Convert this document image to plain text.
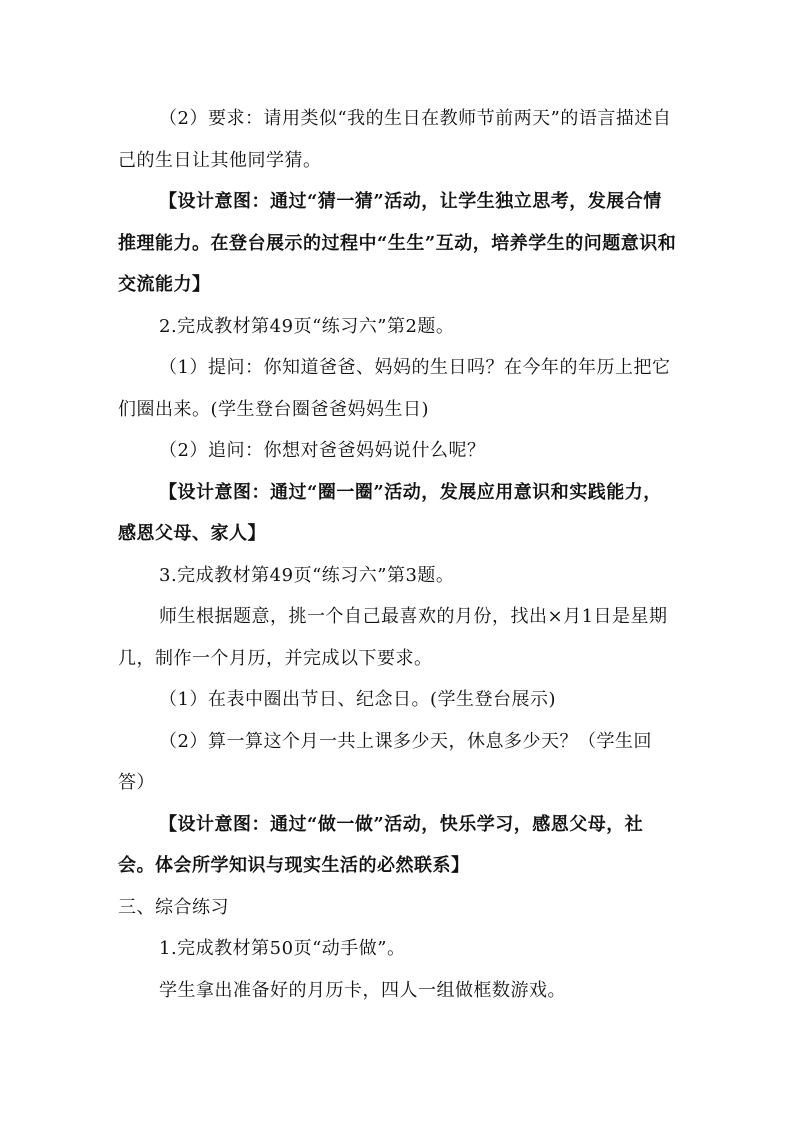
（2）要求：请用类似“我的生日在教师节前两天”的语言描述自己的生日让其他同学猜。

【设计意图：通过“猜一猜”活动，让学生独立思考，发展合情推理能力。在登台展示的过程中“生生”互动，培养学生的问题意识和交流能力】

2.完成教材第49页“练习六”第2题。

（1）提问：你知道爸爸、妈妈的生日吗？在今年的年历上把它们圈出来。(学生登台圈爸爸妈妈生日)

（2）追问：你想对爸爸妈妈说什么呢？

【设计意图：通过“圈一圈”活动，发展应用意识和实践能力，感恩父母、家人】

3.完成教材第49页“练习六”第3题。

师生根据题意，挑一个自己最喜欢的月份，找出×月1日是星期几，制作一个月历，并完成以下要求。

（1）在表中圈出节日、纪念日。(学生登台展示)

（2）算一算这个月一共上课多少天，休息多少天？（学生回答）

【设计意图：通过“做一做”活动，快乐学习，感恩父母，社会。体会所学知识与现实生活的必然联系】

三、综合练习

1.完成教材第50页“动手做”。

学生拿出准备好的月历卡，四人一组做框数游戏。
